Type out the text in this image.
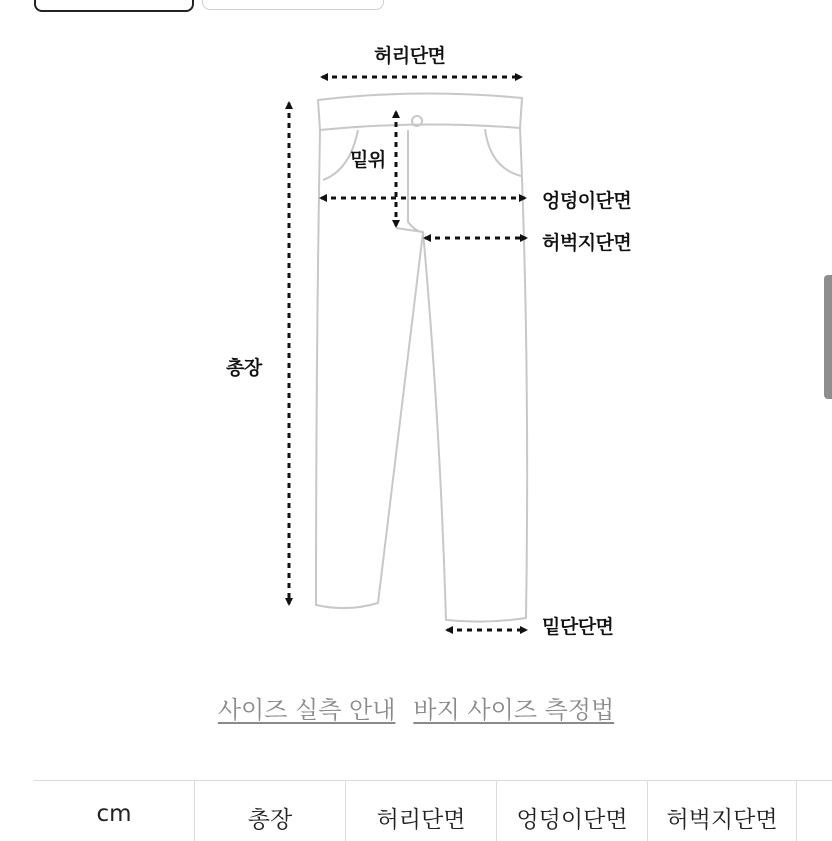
허리단면
밑위
엉덩이단면
허벅지단면
총장
밑단단면
사이즈 실측 안내 바지 사이즈 측정법
cm	총장	허리단면	엉덩이단면	허벅지단면	
